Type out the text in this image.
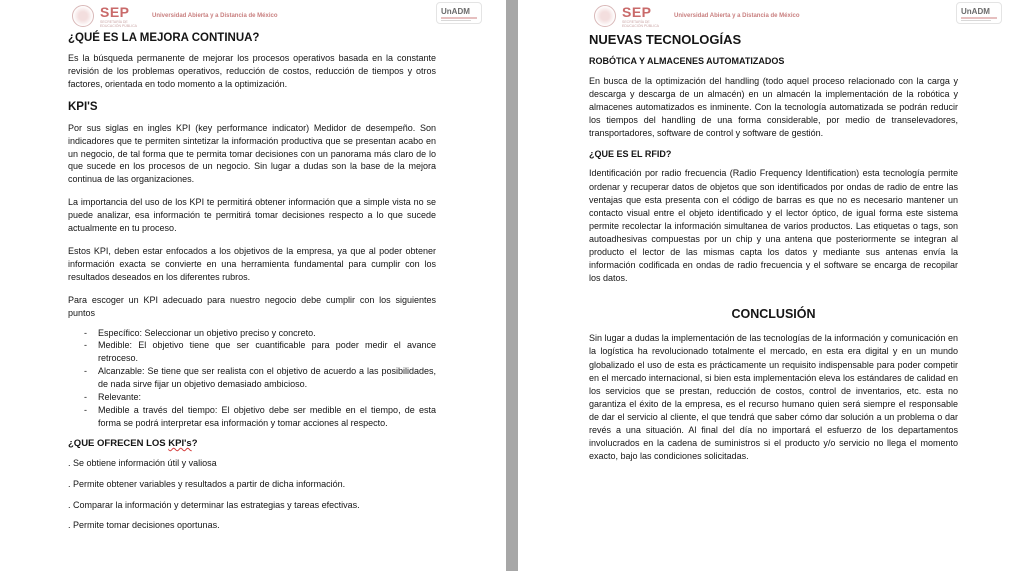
SEP
SECRETARÍA DE EDUCACIÓN PÚBLICA
Universidad Abierta y a Distancia de México	UnADM
¿QUÉ ES LA MEJORA CONTINUA?

Es la búsqueda permanente de mejorar los procesos operativos basada en la constante revisión de los problemas operativos, reducción de costos, reducción de tiempos y otros factores, orientada en todo momento a la optimización.

KPI'S

Por sus siglas en ingles KPI (key performance indicator) Medidor de desempeño. Son indicadores que te permiten sintetizar la información productiva que se presentan acabo en un negocio, de tal forma que te permita tomar decisiones con un panorama más claro de lo que sucede en los procesos de un negocio. Sin lugar a dudas son la base de la mejora continua de las organizaciones.

La importancia del uso de los KPI te permitirá obtener información que a simple vista no se puede analizar, esa información te permitirá tomar decisiones respecto a lo que sucede actualmente en tu proceso.

Estos KPI, deben estar enfocados a los objetivos de la empresa, ya que al poder obtener información exacta se convierte en una herramienta fundamental para cumplir con los resultados deseados en los diferentes rubros.

Para escoger un KPI adecuado para nuestro negocio debe cumplir con los siguientes puntos

- Específico: Seleccionar un objetivo preciso y concreto.
- Medible: El objetivo tiene que ser cuantificable para poder medir el avance retroceso.
- Alcanzable: Se tiene que ser realista con el objetivo de acuerdo a las posibilidades, de nada sirve fijar un objetivo demasiado ambicioso.
- Relevante:
- Medible a través del tiempo: El objetivo debe ser medible en el tiempo, de esta forma se podrá interpretar esa información y tomar acciones al respecto.
¿QUE OFRECEN LOS KPI's?
. Se obtiene información útil y valiosa
. Permite obtener variables y resultados a partir de dicha información.
. Comparar la información y determinar las estrategias y tareas efectivas.
. Permite tomar decisiones oportunas.
SEP
SECRETARÍA DE EDUCACIÓN PÚBLICA
Universidad Abierta y a Distancia de México	UnADM
NUEVAS TECNOLOGÍAS
ROBÓTICA Y ALMACENES AUTOMATIZADOS

En busca de la optimización del handling (todo aquel proceso relacionado con la carga y descarga y descarga de un almacén) en un almacén la implementación de la robótica y almacenes automatizados es inminente. Con la tecnología automatizada se podrán reducir los tiempos del handling de una forma considerable, por medio de transelevadores, transportadores, software de control y software de gestión.

¿QUE ES EL RFID?

Identificación por radio frecuencia (Radio Frequency Identification) esta tecnología permite ordenar y recuperar datos de objetos que son identificados por ondas de radio de entre las ventajas que esta presenta con el código de barras es que no es necesario mantener un contacto visual entre el objeto identificado y el lector óptico, de igual forma este sistema permite recolectar la información simultanea de varios productos. Las etiquetas o tags, son autoadhesivas compuestas por un chip y una antena que posteriormente se integran al producto el lector de las mismas capta los datos y mediante sus antenas envía la información codificada en ondas de radio frecuencia y el software se encarga de recopilar los datos.

CONCLUSIÓN

Sin lugar a dudas la implementación de las tecnologías de la información y comunicación en la logística ha revolucionado totalmente el mercado, en esta era digital y en un mundo globalizado el uso de esta es prácticamente un requisito indispensable para poder competir en el mercado internacional, si bien esta implementación eleva los estándares de calidad en los servicios que se prestan, reducción de costos, control de inventarios, etc. esta no garantiza el éxito de la empresa, es el recurso humano quien será siempre el responsable de dar el servicio al cliente, el que tendrá que saber cómo dar solución a un problema o dar revés a una situación. Al final del día no importará el esfuerzo de los departamentos involucrados en la cadena de suministros si el producto y/o servicio no llega el momento exacto, bajo las condiciones solicitadas.
